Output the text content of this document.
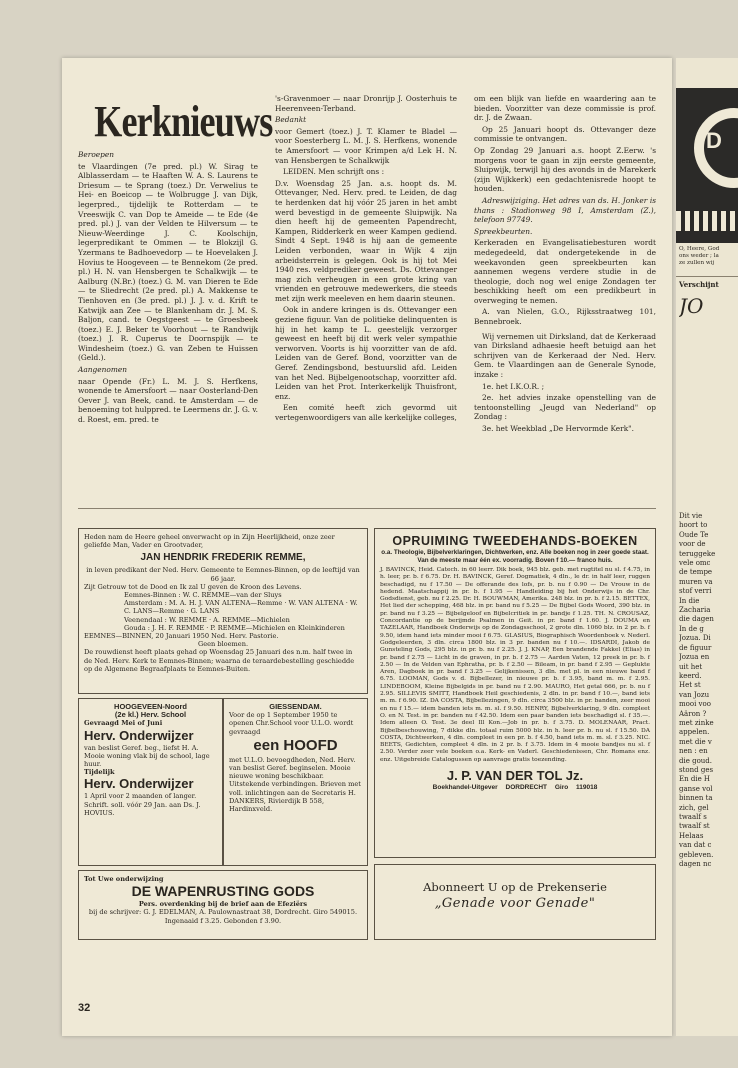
Kerknieuws

Beroepen

te Vlaardingen (7e pred. pl.) W. Sirag te Alblasserdam — te Haaften W. A. S. Laurens te Driesum — te Sprang (toez.) Dr. Verwelius te Hei- en Boeicop — te Wolbrugge J. van Dijk, legerpred., tijdelijk te Rotterdam — te Vreeswijk C. van Dop te Ameide — te Ede (4e pred. pl.) J. van der Velden te Hilversum — te Nieuw-Weerdinge J. C. Koolschijn, legerpredikant te Ommen — te Blokzijl G. Yzermans te Badhoevedorp — te Hoevelaken J. Hovius te Hoogeveen — te Bennekom (2e pred. pl.) H. N. van Hensbergen te Schalkwijk — te Aalburg (N.Br.) (toez.) G. M. van Dieren te Ede — te Sliedrecht (2e pred. pl.) A. Makkense te Tienhoven en (3e pred. pl.) J. J. v. d. Krift te Katwijk aan Zee — te Blankenham dr. J. M. S. Baljon, cand. te Oegstgeest — te Groesbeek (toez.) E. J. Beker te Voorhout — te Randwijk (toez.) J. R. Cuperus te Doornspijk — te Windesheim (toez.) G. van Zeben te Huissen (Geld.).

Aangenomen

naar Opende (Fr.) L. M. J. S. Herfkens, wonende te Amersfoort — naar Oosterland-Den Oever J. van Beek, cand. te Amsterdam — de benoeming tot hulppred. te Leermens dr. J. G. v. d. Roest, em. pred. te

's-Gravenmoer — naar Dronrijp J. Oosterhuis te Heerenveen-Terband.

Bedankt

voor Gemert (toez.) J. T. Klamer te Bladel — voor Soesterberg L. M. J. S. Herfkens, wonende te Amersfoort — voor Krimpen a/d Lek H. N. van Hensbergen te Schalkwijk

LEIDEN. Men schrijft ons :

D.v. Woensdag 25 Jan. a.s. hoopt ds. M. Ottevanger, Ned. Herv. pred. te Leiden, de dag te herdenken dat hij vóór 25 jaren in het ambt werd bevestigd in de gemeente Sluipwijk. Na dien heeft hij de gemeenten Papendrecht, Kampen, Ridderkerk en weer Kampen gediend. Sindt 4 Sept. 1948 is hij aan de gemeente Leiden verbonden, waar in Wijk 4 zijn arbeidsterrein is gelegen. Ook is hij tot Mei 1940 res. veldprediker geweest. Ds. Ottevanger mag zich verheugen in een grote kring van vrienden en getrouwe medewerkers, die steeds met zijn werk meeleven en hem daarin steunen.

Ook in andere kringen is ds. Ottevanger een geziene figuur. Van de politieke delinquenten is hij in het kamp te L. geestelijk verzorger geweest en heeft bij dit werk veler sympathie verworven. Voorts is hij voorzitter van de afd. Leiden van de Geref. Bond, voorzitter van de Geref. Zendingsbond, bestuurslid afd. Leiden van het Ned. Bijbelgenootschap, voorzitter afd. Leiden van het Prot. Interkerkelijk Thuisfront, enz.

Een comité heeft zich gevormd uit vertegenwoordigers van alle kerkelijke colleges,

om een blijk van liefde en waardering aan te bieden. Voorzitter van deze commissie is prof. dr. J. de Zwaan.

Op 25 Januari hoopt ds. Ottevanger deze commissie te ontvangen.

Op Zondag 29 Januari a.s. hoopt Z.Eerw. 's morgens voor te gaan in zijn eerste gemeente, Sluipwijk, terwijl hij des avonds in de Marekerk (zijn Wijkkerk) een gedachtenisrede hoopt te houden.

Adreswijziging. Het adres van ds. H. Jonker is thans : Stadionweg 98 I, Amsterdam (Z.), telefoon 97749.

Spreekbeurten.

Kerkeraden en Evangelisatiebesturen wordt medegedeeld, dat ondergetekende in de weekavonden geen spreekbeurten kan aannemen wegens verdere studie in de theologie, doch nog wel enige Zondagen ter beschikking heeft om een predikbeurt in overweging te nemen.

A. van Nielen, G.O., Rijksstraatweg 101, Bennebroek.

Wij vernemen uit Dirksland, dat de Kerkeraad van Dirksland adhaesie heeft betuigd aan het schrijven van de Kerkeraad der Ned. Herv. Gem. te Vlaardingen aan de Generale Synode, inzake :

1e. het I.K.O.R. ;

2e. het advies inzake openstelling van de tentoonstelling „Jeugd van Nederland" op Zondag :

3e. het Weekblad „De Hervormde Kerk".

Heden nam de Heere geheel onverwacht op in Zijn Heerlijkheid, onze zeer geliefde Man, Vader en Grootvader,
JAN HENDRIK FREDERIK REMME,
in leven predikant der Ned. Herv. Gemeente te Eemnes-Binnen, op de leeftijd van 66 jaar.
Zijt Getrouw tot de Dood en Ik zal U geven de Kroon des Levens.
Eemnes-Binnen : W. C. REMME—van der Sluys
Amsterdam : M. A. H. J. VAN ALTENA—Remme · W. VAN ALTENA · W. C. LANS—Remme · G. LANS
Veenendaal : W. REMME · A. REMME—Michielen
Gouda : J. H. F. REMME · P. REMME—Michielen en Kleinkinderen
EEMNES—BINNEN, 20 Januari 1950 Ned. Herv. Pastorie.
Geen bloemen.
De rouwdienst heeft plaats gehad op Woensdag 25 Januari des n.m. half twee in de Ned. Herv. Kerk te Eemnes-Binnen; waarna de teraardebestelling geschiedde op de Algemene Begraafplaats te Eemnes-Buiten.
HOOGEVEEN-Noord
(2e kl.) Herv. School
Gevraagd Mei of Juni
Herv. Onderwijzer
van beslist Geref. beg., liefst H. A. Mooie woning vlak bij de school, lage huur.
Tijdelijk
Herv. Onderwijzer
1 April voor 2 maanden of langer. Schrift. soll. vóór 29 Jan. aan Ds. J. HOVIUS.
GIESSENDAM.
Voor de op 1 September 1950 te openen Chr.School voor U.L.O. wordt gevraagd
een HOOFD
met U.L.O. bevoegdheden, Ned. Herv. van beslist Geref. beginselen. Mooie nieuwe woning beschikbaar. Uitstekende verbindingen. Brieven met voll. inlichtingen aan de Secretaris H. DANKERS, Rivierdijk B 558, Hardinxveld.
Tot Uwe onderwijzing
DE WAPENRUSTING GODS
Pers. overdenking bij de brief aan de Efeziërs
bij de schrijver: G. J. EDELMAN, A. Paulownastraat 38, Dordrecht. Giro 549015. Ingenaaid f 3.25. Gebonden f 3.90.
OPRUIMING TWEEDEHANDS-BOEKEN
o.a. Theologie, Bijbelverklaringen, Dichtwerken, enz. Alle boeken nog in zeer goede staat. Van de meeste maar één ex. voorradig. Boven f 10.— franco huis.
J. BAVINCK, Heid. Catech. in 60 leerr. Dik boek, 945 blz. geb. met rugtitel nu sl. f 4.75, in h. leer, pr. b. f 6.75. Dr. H. BAVINCK, Geref. Dogmatiek, 4 dln., le dr. in half leer, ruggen beschadigd, nu f 17.50 — De offerande des lofs, pr. b. nu f 0.90 — De Vrouw in de hedend. Maatschappij in pr. b. f 1.95 — Handleiding bij het Onderwijs in de Chr. Godsdienst, geb. nu f 2.25. Dr. H. BOUWMAN, Amerika. 248 blz. in pr. b. f 2.15. BETTEX, Het lied der schepping, 468 blz. in pr. band nu f 5.25 — De Bijbel Gods Woord, 390 blz. in pr. band nu f 3.25 — Bijbelgeloof en Bijbelcritiek in pr. bandje f 1.25. TH. N. CROUSAZ, Concordantie op de berijmde Psalmen in Geit. in pr. band f 1.60. J. DOUMA en TAZELAAR, Handboek Onderwijs op de Zondagsschool, 2 grote dln. 1060 blz. in 2 pr. b. f 9.50, idem hand iets minder mooi f 6.75. GLASIUS, Biographisch Woordenboek v. Nederl. Godgeleerden, 3 dln. circa 1800 blz. in 3 pr. banden nu f 10.—. IDSARDI, Jakob de Gunsteling Gods, 295 blz. in pr. b. nu f 2.25. J. J. KNAP, Een brandende Fakkel (Elias) in pr. band f 2.75 — Licht in de graven, in pr. b. f 2.75 — Aarden Vaten, 12 preek in pr. b. f 2.50 — In de Velden van Ephratha, pr. b. f 2.50 — Bileam, in pr. band f 2.95 — Geplukte Aren, Dagboek in pr. band f 3.25 — Gelijkenissen, 3 dln. met pl. in een nieuwe band f 6.75. LOOMAN, Gods v. d. Bijbellezer, in nieuwe pr. b. f 3.95, band m. m. f 2.95. LINDEBOOM, Kleine Bijbelgids in pr. band nu f 2.90. MAURO, Het getal 666, pr. b. nu f 2.95. SILLEVIS SMITT, Handboek Heil geschiedenis, 2 dln. in pr. band f 10.—, band iets m. m. f 6.90. IZ. DA COSTA, Bijbellezingen, 9 dln. circa 3500 blz. in pr. banden, zeer mooi en nu f 15.— idem banden iets m. m. sl. f 9.50. HENRY, Bijbelverklaring, 9 dln. compleet O. en N. Test. in pr. banden nu f 42.50. Idem een paar banden iets beschadigd sl. f 35.—. Idem alleen O. Test. 3e deel Ill Kon.—Job in pr. b. f 3.75. D. MOLENAAR, Pract. Bijbelbeschouwing, 7 dikke dln. totaal ruim 5000 blz. in h. leer pr. b. nu sl. f 15.50. DA COSTA, Dichtwerken, 4 dln. compleet in een pr. b. f 4.50, band iets m. m. sl. f 3.25. NIC. BEETS, Gedichten, compleet 4 dln. in 2 pr. b. f 3.75. Idem in 4 mooie bandjes nu sl. f 2.50. Verder zeer vele boeken o.a. Kerk- en Vaderl. Geschiedenissen, Chr. Romans enz. enz. Uitgebreide Catalogussen op aanvrage gratis toezending.
J. P. VAN DER TOL Jz.
Boekhandel-Uitgever DORDRECHT Giro 119018
Abonneert U op de Prekenserie
„Genade voor Genade"
32
D
O, Heere, God
ons weder ; la
ze zullen wij
Verschijnt
JO
Dit vie
hoort to
Oude Te
voor de
teruggeke
vele omc
de tempe
muren va
stof verri
In die
Zacharia
die dagen
In de g
Jozua. Di
de figuur
Jozua en
uit het
keerd.
Het st
van Jozu
mooi voo
Aäron ?
met zinke
appelen.
met die v
nen : en
die goud.
stond ges
En die H
ganse vol
binnen ta
zich, gel
twaalf s
twaalf st
Helaas
van dat c
gebleven.
dagen nc
